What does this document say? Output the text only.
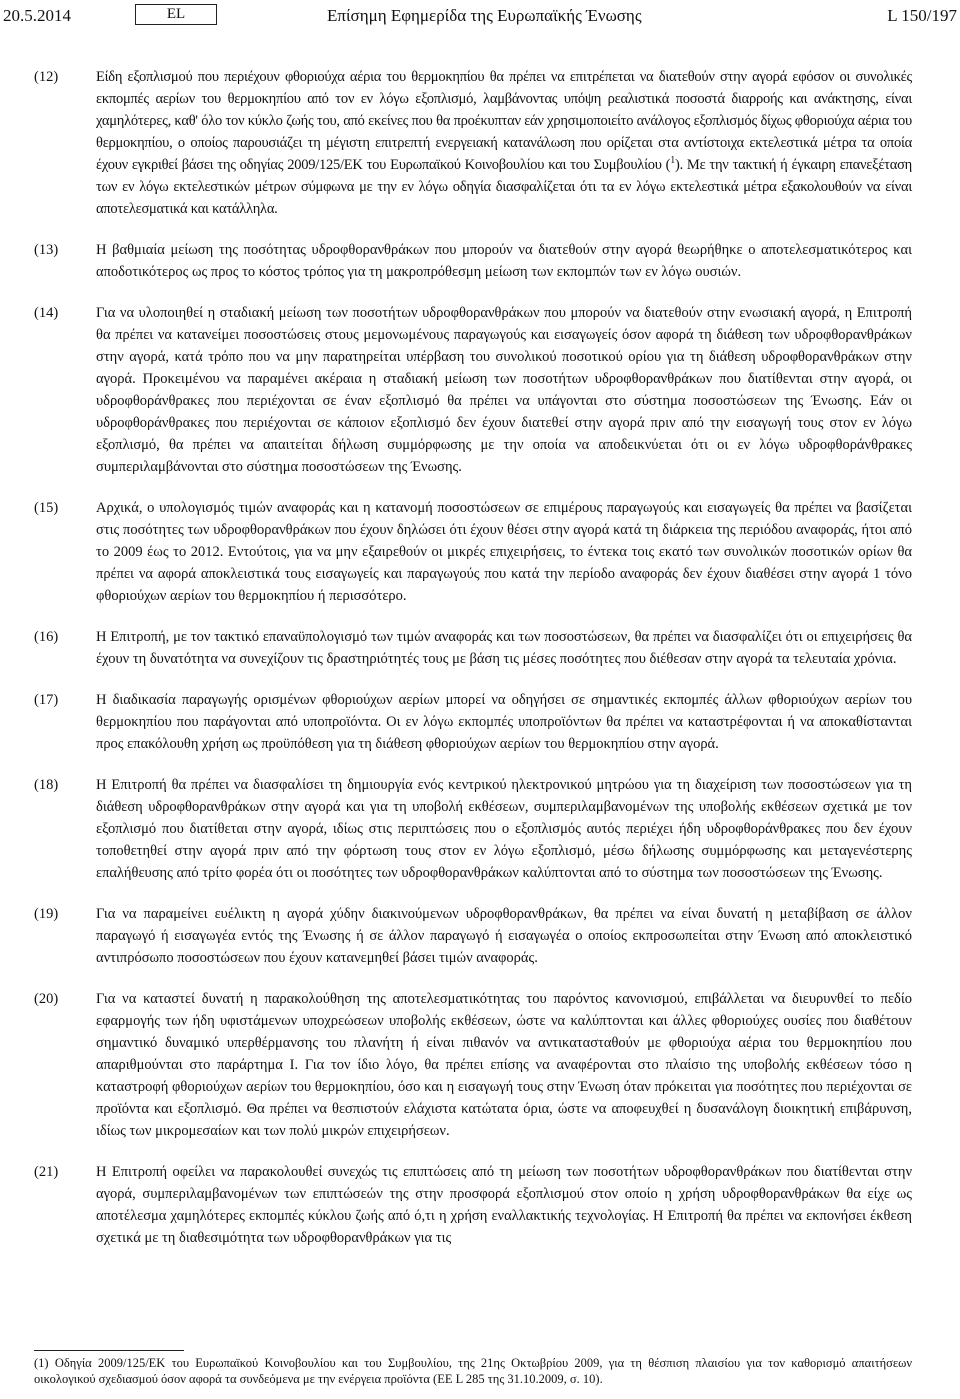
20.5.2014	EL	Επίσημη Εφημερίδα της Ευρωπαϊκής Ένωσης	L 150/197
(12)	Είδη εξοπλισμού που περιέχουν φθοριούχα αέρια του θερμοκηπίου θα πρέπει να επιτρέπεται να διατεθούν στην αγορά εφόσον οι συνολικές εκπομπές αερίων του θερμοκηπίου από τον εν λόγω εξοπλισμό, λαμβάνοντας υπόψη ρεαλιστικά ποσοστά διαρροής και ανάκτησης, είναι χαμηλότερες, καθ' όλο τον κύκλο ζωής του, από εκείνες που θα προέκυπταν εάν χρησιμοποιείτο ανάλογος εξοπλισμός δίχως φθοριούχα αέρια του θερμοκηπίου, ο οποίος παρουσιάζει τη μέγιστη επιτρεπτή ενεργειακή κατανάλωση που ορίζεται στα αντίστοιχα εκτελεστικά μέτρα τα οποία έχουν εγκριθεί βάσει της οδηγίας 2009/125/ΕΚ του Ευρωπαϊκού Κοινοβουλίου και του Συμβουλίου ($^1$). Με την τακτική ή έγκαιρη επανεξέταση των εν λόγω εκτελεστικών μέτρων σύμφωνα με την εν λόγω οδηγία διασφαλίζεται ότι τα εν λόγω εκτελεστικά μέτρα εξακολουθούν να είναι αποτελεσματικά και κατάλληλα.
(13)	Η βαθμιαία μείωση της ποσότητας υδροφθορανθράκων που μπορούν να διατεθούν στην αγορά θεωρήθηκε ο αποτελεσματικότερος και αποδοτικότερος ως προς το κόστος τρόπος για τη μακροπρόθεσμη μείωση των εκπομπών των εν λόγω ουσιών.
(14)	Για να υλοποιηθεί η σταδιακή μείωση των ποσοτήτων υδροφθορανθράκων που μπορούν να διατεθούν στην ενωσιακή αγορά, η Επιτροπή θα πρέπει να κατανείμει ποσοστώσεις στους μεμονωμένους παραγωγούς και εισαγωγείς όσον αφορά τη διάθεση των υδροφθορανθράκων στην αγορά, κατά τρόπο που να μην παρατηρείται υπέρβαση του συνολικού ποσοτικού ορίου για τη διάθεση υδροφθορανθράκων στην αγορά. Προκειμένου να παραμένει ακέραια η σταδιακή μείωση των ποσοτήτων υδροφθορανθράκων που διατίθενται στην αγορά, οι υδροφθοράνθρακες που περιέχονται σε έναν εξοπλισμό θα πρέπει να υπάγονται στο σύστημα ποσοστώσεων της Ένωσης. Εάν οι υδροφθοράνθρακες που περιέχονται σε κάποιον εξοπλισμό δεν έχουν διατεθεί στην αγορά πριν από την εισαγωγή τους στον εν λόγω εξοπλισμό, θα πρέπει να απαιτείται δήλωση συμμόρφωσης με την οποία να αποδεικνύεται ότι οι εν λόγω υδροφθοράνθρακες συμπεριλαμβάνονται στο σύστημα ποσοστώσεων της Ένωσης.
(15)	Αρχικά, ο υπολογισμός τιμών αναφοράς και η κατανομή ποσοστώσεων σε επιμέρους παραγωγούς και εισαγωγείς θα πρέπει να βασίζεται στις ποσότητες των υδροφθορανθράκων που έχουν δηλώσει ότι έχουν θέσει στην αγορά κατά τη διάρκεια της περιόδου αναφοράς, ήτοι από το 2009 έως το 2012. Εντούτοις, για να μην εξαιρεθούν οι μικρές επιχειρήσεις, το έντεκα τοις εκατό των συνολικών ποσοτικών ορίων θα πρέπει να αφορά αποκλειστικά τους εισαγωγείς και παραγωγούς που κατά την περίοδο αναφοράς δεν έχουν διαθέσει στην αγορά 1 τόνο φθοριούχων αερίων του θερμοκηπίου ή περισσότερο.
(16)	Η Επιτροπή, με τον τακτικό επαναϋπολογισμό των τιμών αναφοράς και των ποσοστώσεων, θα πρέπει να διασφαλίζει ότι οι επιχειρήσεις θα έχουν τη δυνατότητα να συνεχίζουν τις δραστηριότητές τους με βάση τις μέσες ποσότητες που διέθεσαν στην αγορά τα τελευταία χρόνια.
(17)	Η διαδικασία παραγωγής ορισμένων φθοριούχων αερίων μπορεί να οδηγήσει σε σημαντικές εκπομπές άλλων φθοριούχων αερίων του θερμοκηπίου που παράγονται από υποπροϊόντα. Οι εν λόγω εκπομπές υποπροϊόντων θα πρέπει να καταστρέφονται ή να αποκαθίστανται προς επακόλουθη χρήση ως προϋπόθεση για τη διάθεση φθοριούχων αερίων του θερμοκηπίου στην αγορά.
(18)	Η Επιτροπή θα πρέπει να διασφαλίσει τη δημιουργία ενός κεντρικού ηλεκτρονικού μητρώου για τη διαχείριση των ποσοστώσεων για τη διάθεση υδροφθορανθράκων στην αγορά και για τη υποβολή εκθέσεων, συμπεριλαμβανομένων της υποβολής εκθέσεων σχετικά με τον εξοπλισμό που διατίθεται στην αγορά, ιδίως στις περιπτώσεις που ο εξοπλισμός αυτός περιέχει ήδη υδροφθοράνθρακες που δεν έχουν τοποθετηθεί στην αγορά πριν από την φόρτωση τους στον εν λόγω εξοπλισμό, μέσω δήλωσης συμμόρφωσης και μεταγενέστερης επαλήθευσης από τρίτο φορέα ότι οι ποσότητες των υδροφθορανθράκων καλύπτονται από το σύστημα των ποσοστώσεων της Ένωσης.
(19)	Για να παραμείνει ευέλικτη η αγορά χύδην διακινούμενων υδροφθορανθράκων, θα πρέπει να είναι δυνατή η μεταβίβαση σε άλλον παραγωγό ή εισαγωγέα εντός της Ένωσης ή σε άλλον παραγωγό ή εισαγωγέα ο οποίος εκπροσωπείται στην Ένωση από αποκλειστικό αντιπρόσωπο ποσοστώσεων που έχουν κατανεμηθεί βάσει τιμών αναφοράς.
(20)	Για να καταστεί δυνατή η παρακολούθηση της αποτελεσματικότητας του παρόντος κανονισμού, επιβάλλεται να διευρυνθεί το πεδίο εφαρμογής των ήδη υφιστάμενων υποχρεώσεων υποβολής εκθέσεων, ώστε να καλύπτονται και άλλες φθοριούχες ουσίες που διαθέτουν σημαντικό δυναμικό υπερθέρμανσης του πλανήτη ή είναι πιθανόν να αντικατασταθούν με φθοριούχα αέρια του θερμοκηπίου που απαριθμούνται στο παράρτημα I. Για τον ίδιο λόγο, θα πρέπει επίσης να αναφέρονται στο πλαίσιο της υποβολής εκθέσεων τόσο η καταστροφή φθοριούχων αερίων του θερμοκηπίου, όσο και η εισαγωγή τους στην Ένωση όταν πρόκειται για ποσότητες που περιέχονται σε προϊόντα και εξοπλισμό. Θα πρέπει να θεσπιστούν ελάχιστα κατώτατα όρια, ώστε να αποφευχθεί η δυσανάλογη διοικητική επιβάρυνση, ιδίως των μικρομεσαίων και των πολύ μικρών επιχειρήσεων.
(21)	Η Επιτροπή οφείλει να παρακολουθεί συνεχώς τις επιπτώσεις από τη μείωση των ποσοτήτων υδροφθορανθράκων που διατίθενται στην αγορά, συμπεριλαμβανομένων των επιπτώσεών της στην προσφορά εξοπλισμού στον οποίο η χρήση υδροφθορανθράκων θα είχε ως αποτέλεσμα χαμηλότερες εκπομπές κύκλου ζωής από ό,τι η χρήση εναλλακτικής τεχνολογίας. Η Επιτροπή θα πρέπει να εκπονήσει έκθεση σχετικά με τη διαθεσιμότητα των υδροφθορανθράκων για τις
(1) Οδηγία 2009/125/ΕΚ του Ευρωπαϊκού Κοινοβουλίου και του Συμβουλίου, της 21ης Οκτωβρίου 2009, για τη θέσπιση πλαισίου για τον καθορισμό απαιτήσεων οικολογικού σχεδιασμού όσον αφορά τα συνδεόμενα με την ενέργεια προϊόντα (ΕΕ L 285 της 31.10.2009, σ. 10).
